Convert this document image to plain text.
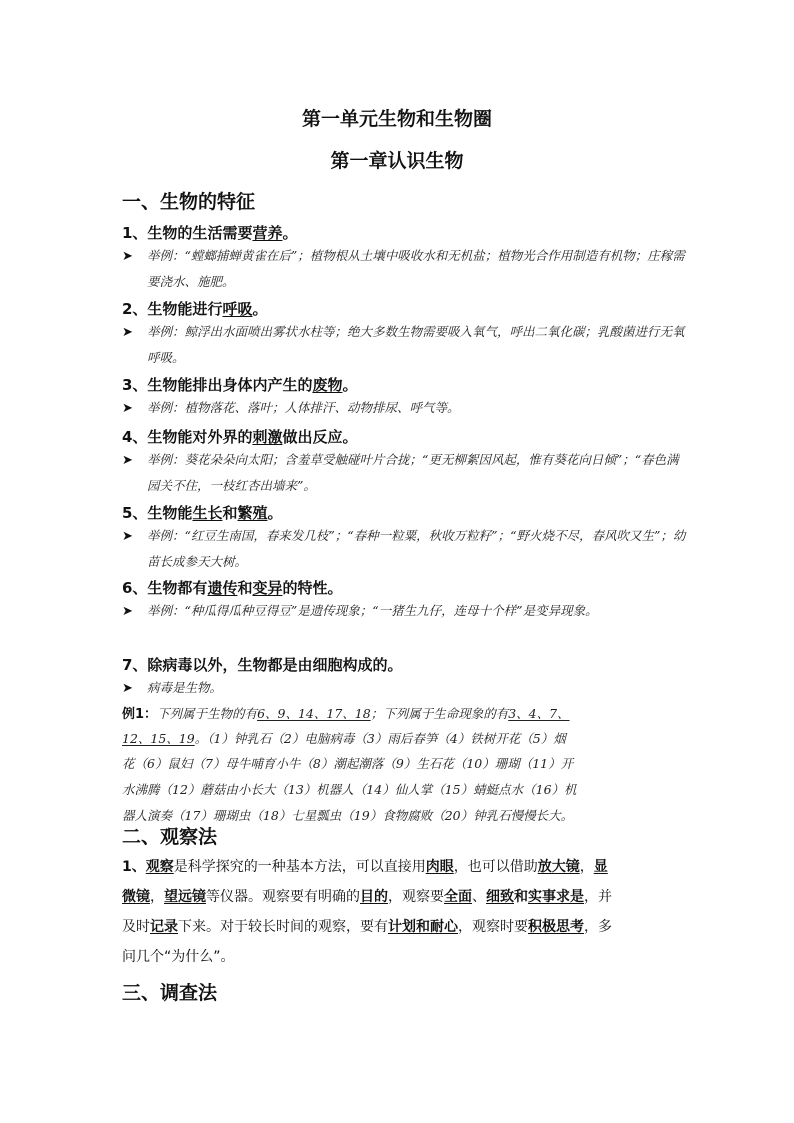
第一单元生物和生物圈
第一章认识生物
一、生物的特征
1、生物的生活需要营养。
➤	举例：“螳螂捕蝉黄雀在后”；植物根从土壤中吸收水和无机盐；植物光合作用制造有机物；庄稼需要浇水、施肥。
2、生物能进行呼吸。
➤	举例：鲸浮出水面喷出雾状水柱等；绝大多数生物需要吸入氧气，呼出二氧化碳；乳酸菌进行无氧呼吸。
3、生物能排出身体内产生的废物。
➤	举例：植物落花、落叶；人体排汗、动物排尿、呼气等。
4、生物能对外界的刺激做出反应。
➤	举例：葵花朵朵向太阳；含羞草受触碰叶片合拢；“更无柳絮因风起，惟有葵花向日倾”；“春色满园关不住，一枝红杏出墙来”。
5、生物能生长和繁殖。
➤	举例：“红豆生南国，春来发几枝”；“春种一粒粟，秋收万粒籽”；“野火烧不尽，春风吹又生”；幼苗长成参天大树。
6、生物都有遗传和变异的特性。
➤	举例：“种瓜得瓜种豆得豆”是遗传现象；“一猪生九仔，连母十个样”是变异现象。
7、除病毒以外，生物都是由细胞构成的。
➤	病毒是生物。
例1：下列属于生物的有6、9、14、17、18；下列属于生命现象的有3、4、7、
12、15、19。（1）钟乳石（2）电脑病毒（3）雨后春笋（4）铁树开花（5）烟
花（6）鼠妇（7）母牛哺育小牛（8）潮起潮落（9）生石花（10）珊瑚（11）开
水沸腾（12）蘑菇由小长大（13）机器人（14）仙人掌（15）蜻蜓点水（16）机
器人演奏（17）珊瑚虫（18）七星瓢虫（19）食物腐败（20）钟乳石慢慢长大。
二、观察法
1、观察是科学探究的一种基本方法，可以直接用肉眼，也可以借助放大镜，显
微镜，望远镜等仪器。观察要有明确的目的，观察要全面、细致和实事求是，并
及时记录下来。对于较长时间的观察，要有计划和耐心，观察时要积极思考，多
问几个“为什么”。
三、调查法
